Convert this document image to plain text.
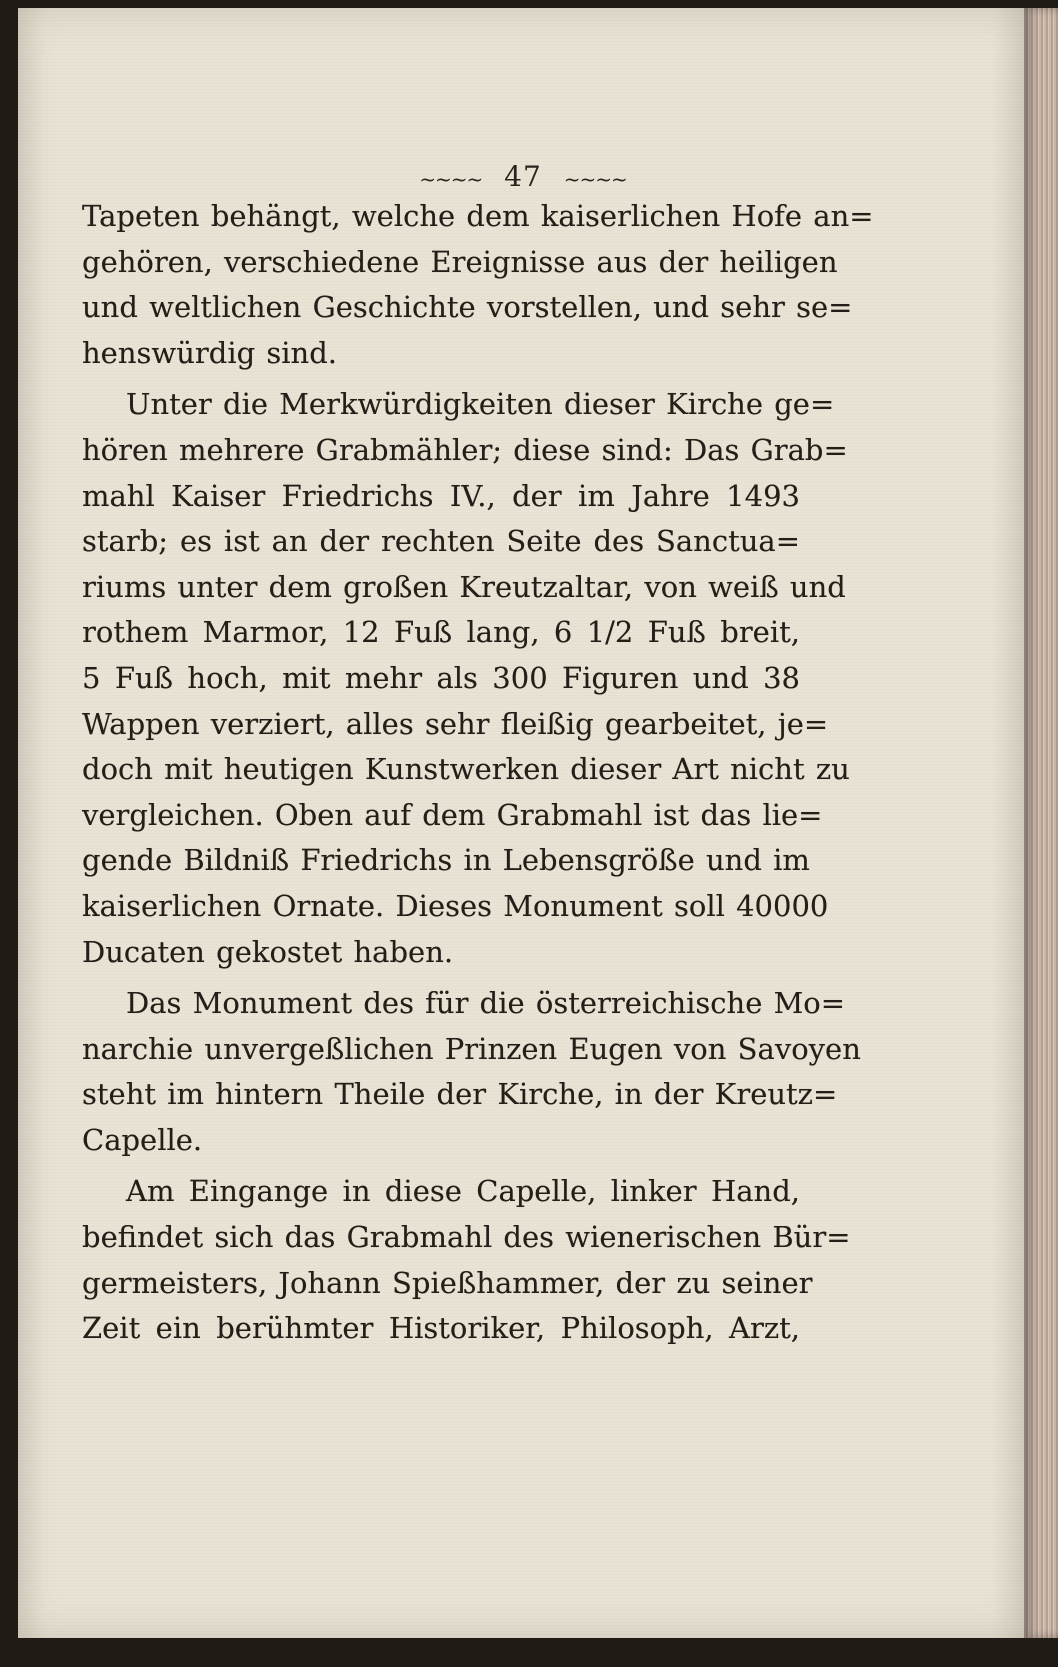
~~~~ 47 ~~~~
Tapeten behängt, welche dem kaiserlichen Hofe an=
gehören, verschiedene Ereignisse aus der heiligen
und weltlichen Geschichte vorstellen, und sehr se=
henswürdig sind.
Unter die Merkwürdigkeiten dieser Kirche ge=
hören mehrere Grabmähler; diese sind: Das Grab=
mahl Kaiser Friedrichs IV., der im Jahre 1493
starb; es ist an der rechten Seite des Sanctua=
riums unter dem großen Kreutzaltar, von weiß und
rothem Marmor, 12 Fuß lang, 6 1/2 Fuß breit,
5 Fuß hoch, mit mehr als 300 Figuren und 38
Wappen verziert, alles sehr fleißig gearbeitet, je=
doch mit heutigen Kunstwerken dieser Art nicht zu
vergleichen. Oben auf dem Grabmahl ist das lie=
gende Bildniß Friedrichs in Lebensgröße und im
kaiserlichen Ornate. Dieses Monument soll 40000
Ducaten gekostet haben.
Das Monument des für die österreichische Mo=
narchie unvergeßlichen Prinzen Eugen von Savoyen
steht im hintern Theile der Kirche, in der Kreutz=
Capelle.
Am Eingange in diese Capelle, linker Hand,
befindet sich das Grabmahl des wienerischen Bür=
germeisters, Johann Spießhammer, der zu seiner
Zeit ein berühmter Historiker, Philosoph, Arzt,
